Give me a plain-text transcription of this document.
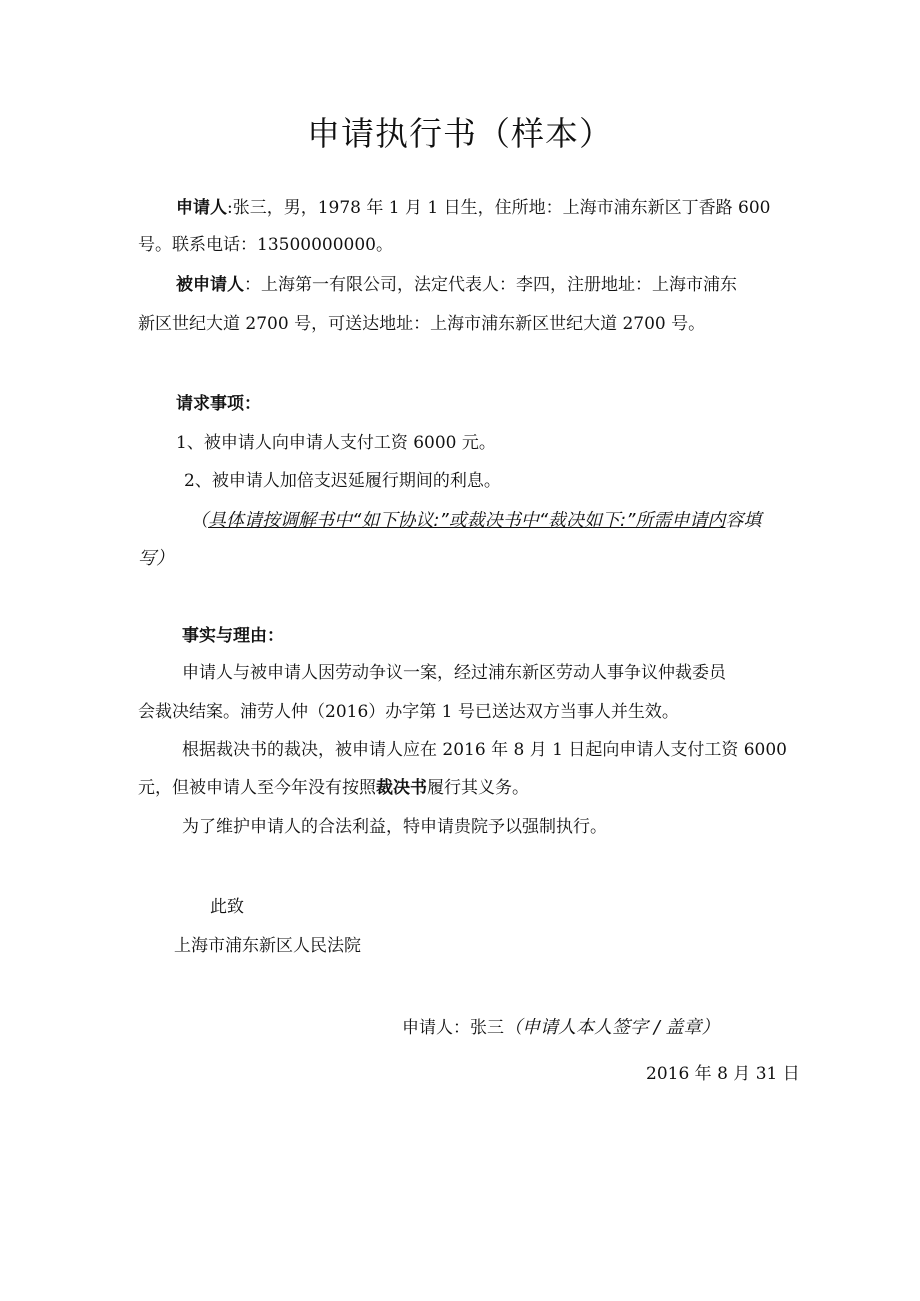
申请执行书（样本）
申请人:张三，男，1978 年 1 月 1 日生，住所地：上海市浦东新区丁香路 600
号。联系电话：13500000000。
被申请人：上海第一有限公司，法定代表人：李四，注册地址：上海市浦东
新区世纪大道 2700 号，可送达地址：上海市浦东新区世纪大道 2700 号。
请求事项：
1、被申请人向申请人支付工资 6000 元。
2、被申请人加倍支迟延履行期间的利息。
（具体请按调解书中“如下协议:”或裁决书中“裁决如下:”所需申请内容填
写）
事实与理由：
申请人与被申请人因劳动争议一案，经过浦东新区劳动人事争议仲裁委员
会裁决结案。浦劳人仲（2016）办字第 1 号已送达双方当事人并生效。
根据裁决书的裁决，被申请人应在 2016 年 8 月 1 日起向申请人支付工资 6000
元，但被申请人至今年没有按照裁决书履行其义务。
为了维护申请人的合法利益，特申请贵院予以强制执行。
此致
上海市浦东新区人民法院
申请人：张三（申请人本人签字 / 盖章）
2016 年 8 月 31 日
